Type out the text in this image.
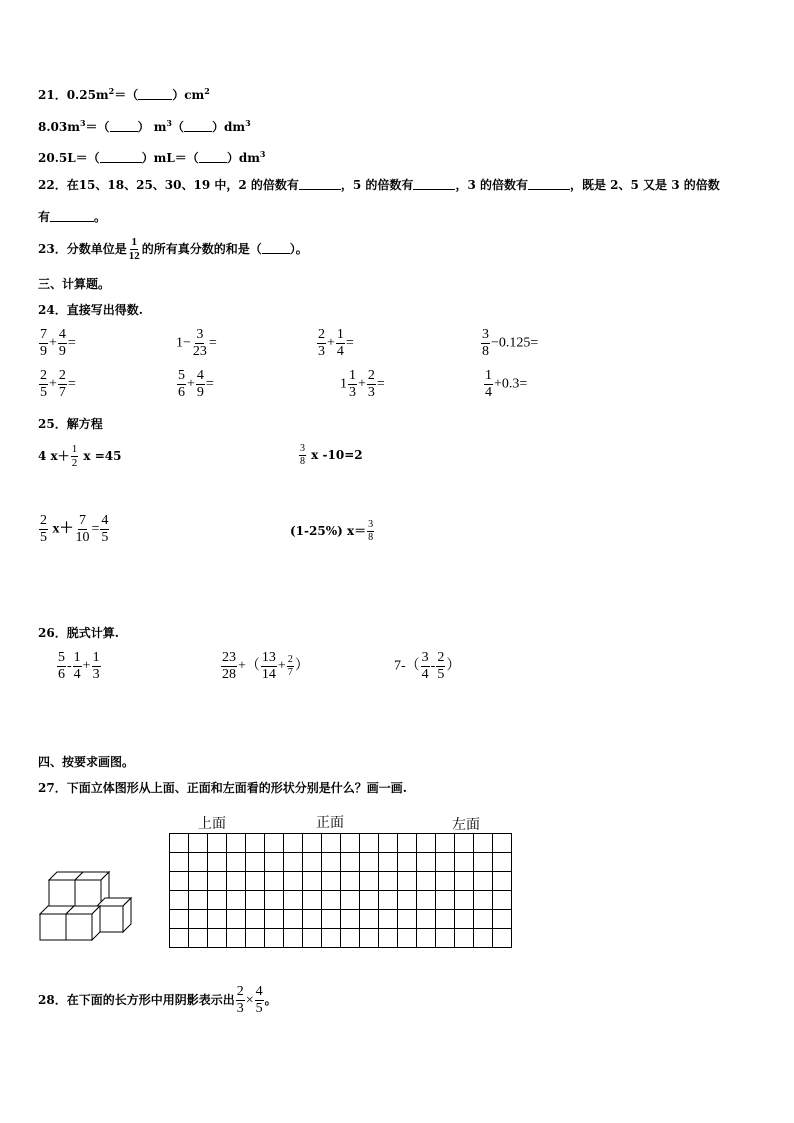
21．$0.25m^2=$（	）$cm^2$
$8.03m^3=$（ ） $m^3$（ ）$dm^3$
20.5L＝（	）mL＝（ ）$dm^3$
22．在15、18、25、30、19 中，2 的倍数有	，5 的倍数有	，3 的倍数有	，既是 2、5 又是 3 的倍数
有	。
23．分数单位是 $\frac{1}{12}$ 的所有真分数的和是（ ）。
三、计算题。
24．直接写出得数.
$\frac{7}{9} + \frac{4}{9}$ =	$1- \frac{3}{23}$ =	$\frac{2}{3} + \frac{1}{4}$ =	$\frac{3}{8} -0.125=$
$\frac{2}{5} + \frac{2}{7}$ =	$\frac{5}{6} + \frac{4}{9}$ =	$1 \frac{1}{3} + \frac{2}{3}$ =	$\frac{1}{4} +0.3=$
25．解方程
4 $x+ \frac{1}{2}$ x =45	$\frac{3}{8}$ x -10=2
$\frac{2}{5} x+ \frac{7}{10} = \frac{4}{5}$	(1-25%) $x= \frac{3}{8}$
26．脱式计算.
$\frac{5}{6} - \frac{1}{4} + \frac{1}{3}$	$\frac{23}{28}$ +（ $\frac{13}{14} + \frac{2}{7}$ ）	$7-( \frac{3}{4} - \frac{2}{5}$ ）
四、按要求画图。
27．下面立体图形从上面、正面和左面看的形状分别是什么？画一画.
上面	正面	左面

28．在下面的长方形中用阴影表示出 $\frac{2}{3} \times \frac{4}{5}$ 。
